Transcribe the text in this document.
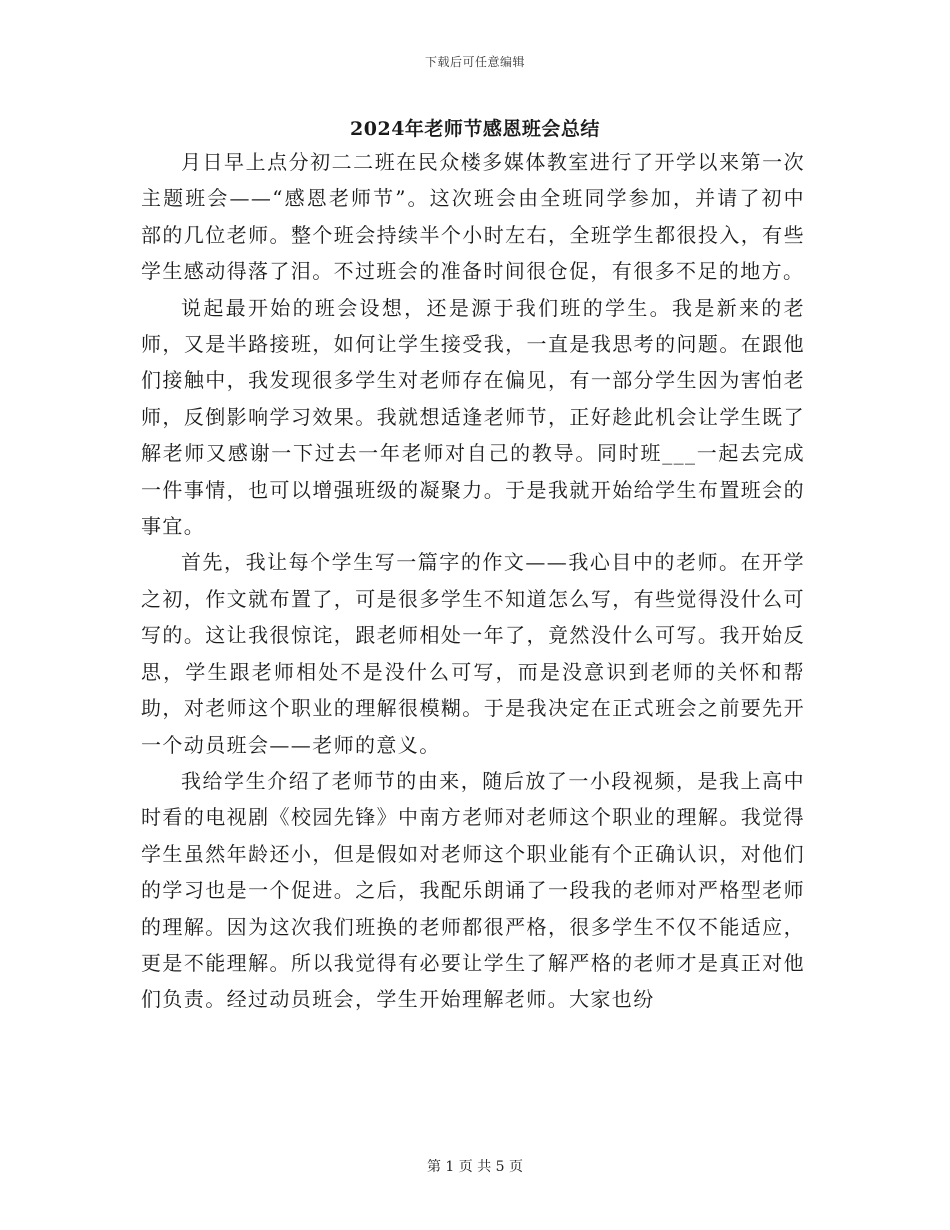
下载后可任意编辑
2024年老师节感恩班会总结

月日早上点分初二二班在民众楼多媒体教室进行了开学以来第一次主题班会——“感恩老师节”。这次班会由全班同学参加，并请了初中部的几位老师。整个班会持续半个小时左右，全班学生都很投入，有些学生感动得落了泪。不过班会的准备时间很仓促，有很多不足的地方。

说起最开始的班会设想，还是源于我们班的学生。我是新来的老师，又是半路接班，如何让学生接受我，一直是我思考的问题。在跟他们接触中，我发现很多学生对老师存在偏见，有一部分学生因为害怕老师，反倒影响学习效果。我就想适逢老师节，正好趁此机会让学生既了解老师又感谢一下过去一年老师对自己的教导。同时班___一起去完成一件事情，也可以增强班级的凝聚力。于是我就开始给学生布置班会的事宜。

首先，我让每个学生写一篇字的作文——我心目中的老师。在开学之初，作文就布置了，可是很多学生不知道怎么写，有些觉得没什么可写的。这让我很惊诧，跟老师相处一年了，竟然没什么可写。我开始反思，学生跟老师相处不是没什么可写，而是没意识到老师的关怀和帮助，对老师这个职业的理解很模糊。于是我决定在正式班会之前要先开一个动员班会——老师的意义。

我给学生介绍了老师节的由来，随后放了一小段视频，是我上高中时看的电视剧《校园先锋》中南方老师对老师这个职业的理解。我觉得学生虽然年龄还小，但是假如对老师这个职业能有个正确认识，对他们的学习也是一个促进。之后，我配乐朗诵了一段我的老师对严格型老师的理解。因为这次我们班换的老师都很严格，很多学生不仅不能适应，更是不能理解。所以我觉得有必要让学生了解严格的老师才是真正对他们负责。经过动员班会，学生开始理解老师。大家也纷

第 1 页 共 5 页
